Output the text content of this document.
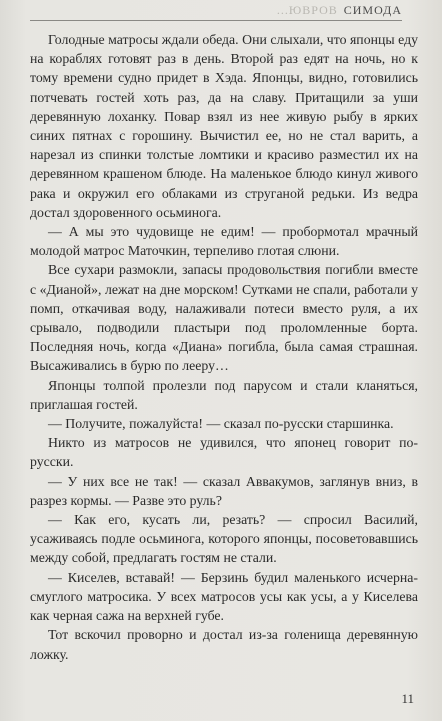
...ЮВРОВ СИМОДА

Голодные матросы ждали обеда. Они слыхали, что японцы еду на кораблях готовят раз в день. Второй раз едят на ночь, но к тому времени судно придет в Хэда. Японцы, видно, готовились потчевать гостей хоть раз, да на славу. Притащили за уши деревянную лоханку. Повар взял из нее живую рыбу в ярких синих пятнах с горошину. Вычистил ее, но не стал варить, а нарезал из спинки толстые ломтики и красиво разместил их на деревянном крашеном блюде. На маленькое блюдо кинул живого рака и окружил его облаками из струганой редьки. Из ведра достал здоровенного осьминога.

— А мы это чудовище не едим! — пробормотал мрачный молодой матрос Маточкин, терпеливо глотая слюни.

Все сухари размокли, запасы продовольствия погибли вместе с «Дианой», лежат на дне морском! Сутками не спали, работали у помп, откачивая воду, налаживали потеси вместо руля, а их срывало, подводили пластыри под проломленные борта. Последняя ночь, когда «Диана» погибла, была самая страшная. Высаживались в бурю по лееру…

Японцы толпой пролезли под парусом и стали кланяться, приглашая гостей.

— Получите, пожалуйста! — сказал по-русски старшинка.

Никто из матросов не удивился, что японец говорит по-русски.

— У них все не так! — сказал Аввакумов, заглянув вниз, в разрез кормы. — Разве это руль?

— Как его, кусать ли, резать? — спросил Василий, усаживаясь подле осьминога, которого японцы, посоветовавшись между собой, предлагать гостям не стали.

— Киселев, вставай! — Берзинь будил маленького исчерна-смуглого матросика. У всех матросов усы как усы, а у Киселева как черная сажа на верхней губе.

Тот вскочил проворно и достал из-за голенища деревянную ложку.

11
